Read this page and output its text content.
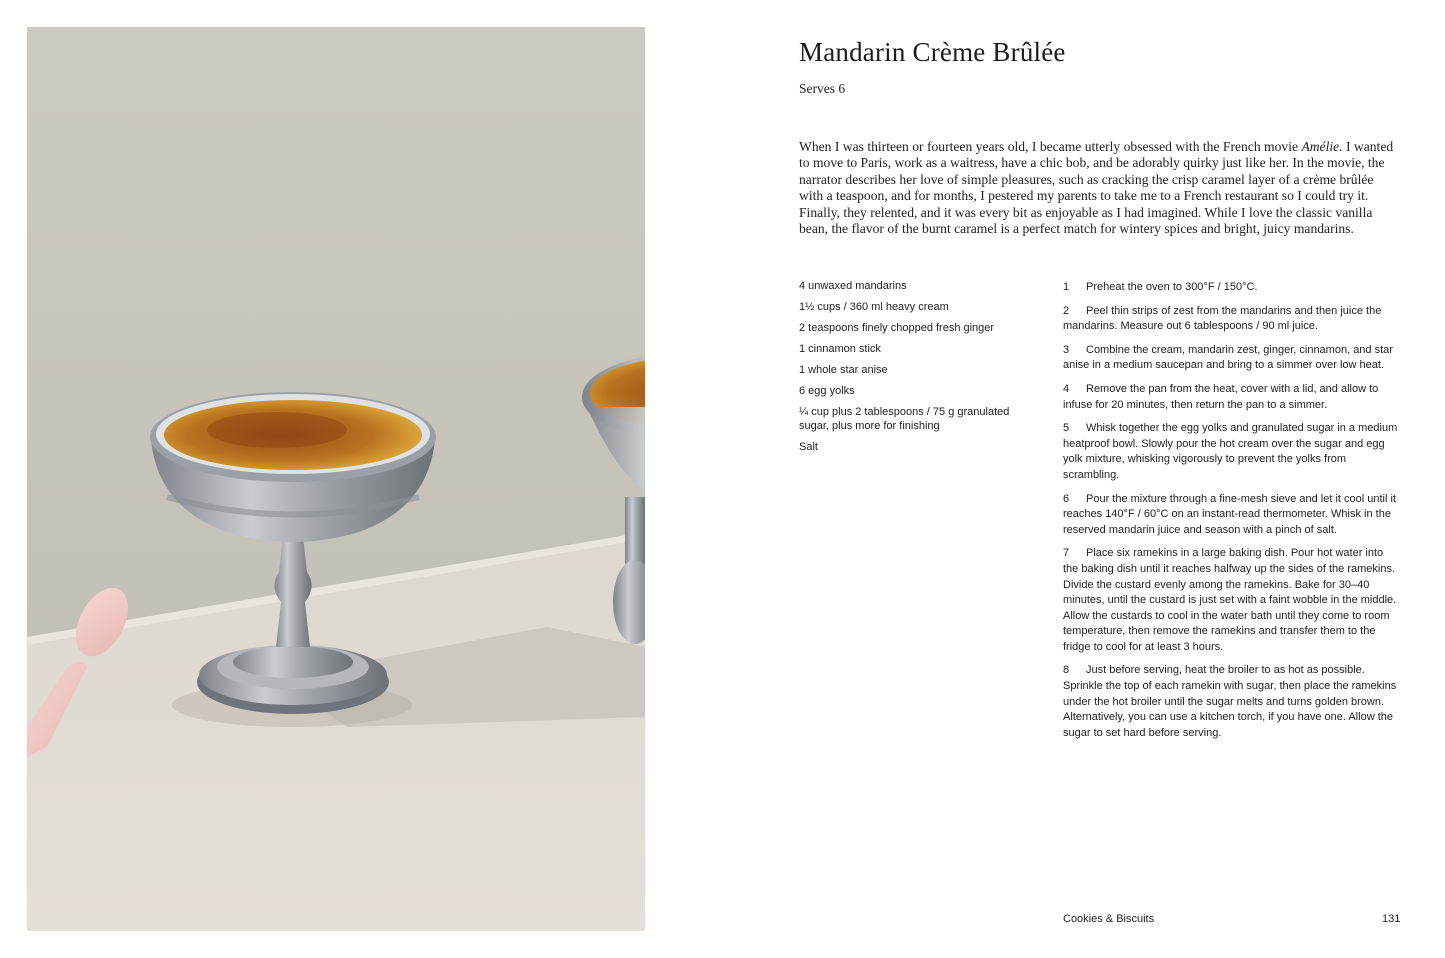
Mandarin Crème Brûlée
Serves 6

When I was thirteen or fourteen years old, I became utterly obsessed with the French movie Amélie. I wanted to move to Paris, work as a waitress, have a chic bob, and be adorably quirky just like her. In the movie, the narrator describes her love of simple pleasures, such as cracking the crisp caramel layer of a crème brûlée with a teaspoon, and for months, I pestered my parents to take me to a French restaurant so I could try it. Finally, they relented, and it was every bit as enjoyable as I had imagined. While I love the classic vanilla bean, the flavor of the burnt caramel is a perfect match for wintery spices and bright, juicy mandarins.

4 unwaxed mandarins
1½ cups / 360 ml heavy cream
2 teaspoons finely chopped fresh ginger
1 cinnamon stick
1 whole star anise
6 egg yolks
¼ cup plus 2 tablespoons / 75 g granulated sugar, plus more for finishing
Salt
1 Preheat the oven to 300°F / 150°C.
2 Peel thin strips of zest from the mandarins and then juice the mandarins. Measure out 6 tablespoons / 90 ml juice.
3 Combine the cream, mandarin zest, ginger, cinnamon, and star anise in a medium saucepan and bring to a simmer over low heat.
4 Remove the pan from the heat, cover with a lid, and allow to infuse for 20 minutes, then return the pan to a simmer.
5 Whisk together the egg yolks and granulated sugar in a medium heatproof bowl. Slowly pour the hot cream over the sugar and egg yolk mixture, whisking vigorously to prevent the yolks from scrambling.
6 Pour the mixture through a fine-mesh sieve and let it cool until it reaches 140°F / 60°C on an instant-read thermometer. Whisk in the reserved mandarin juice and season with a pinch of salt.
7 Place six ramekins in a large baking dish. Pour hot water into the baking dish until it reaches halfway up the sides of the ramekins. Divide the custard evenly among the ramekins. Bake for 30–40 minutes, until the custard is just set with a faint wobble in the middle. Allow the custards to cool in the water bath until they come to room temperature, then remove the ramekins and transfer them to the fridge to cool for at least 3 hours.
8 Just before serving, heat the broiler to as hot as possible. Sprinkle the top of each ramekin with sugar, then place the ramekins under the hot broiler until the sugar melts and turns golden brown. Alternatively, you can use a kitchen torch, if you have one. Allow the sugar to set hard before serving.
Cookies & Biscuits	131
